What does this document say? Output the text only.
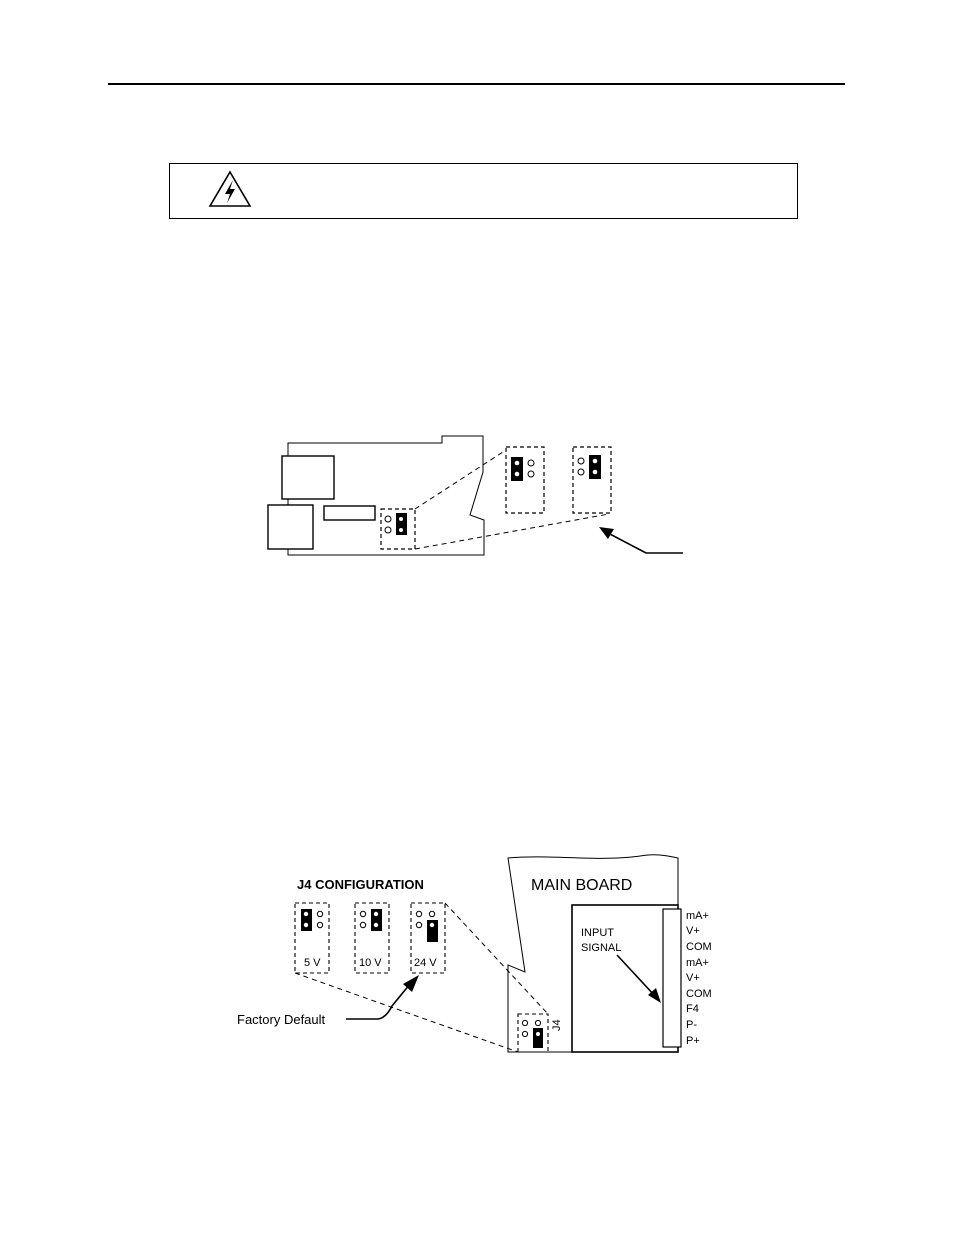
J4 CONFIGURATION	MAIN BOARD
INPUT
SIGNAL
mA+
V+
COM
mA+
V+
COM
F4
P-
P+
5 V	10 V	24 V
J4
Factory Default
